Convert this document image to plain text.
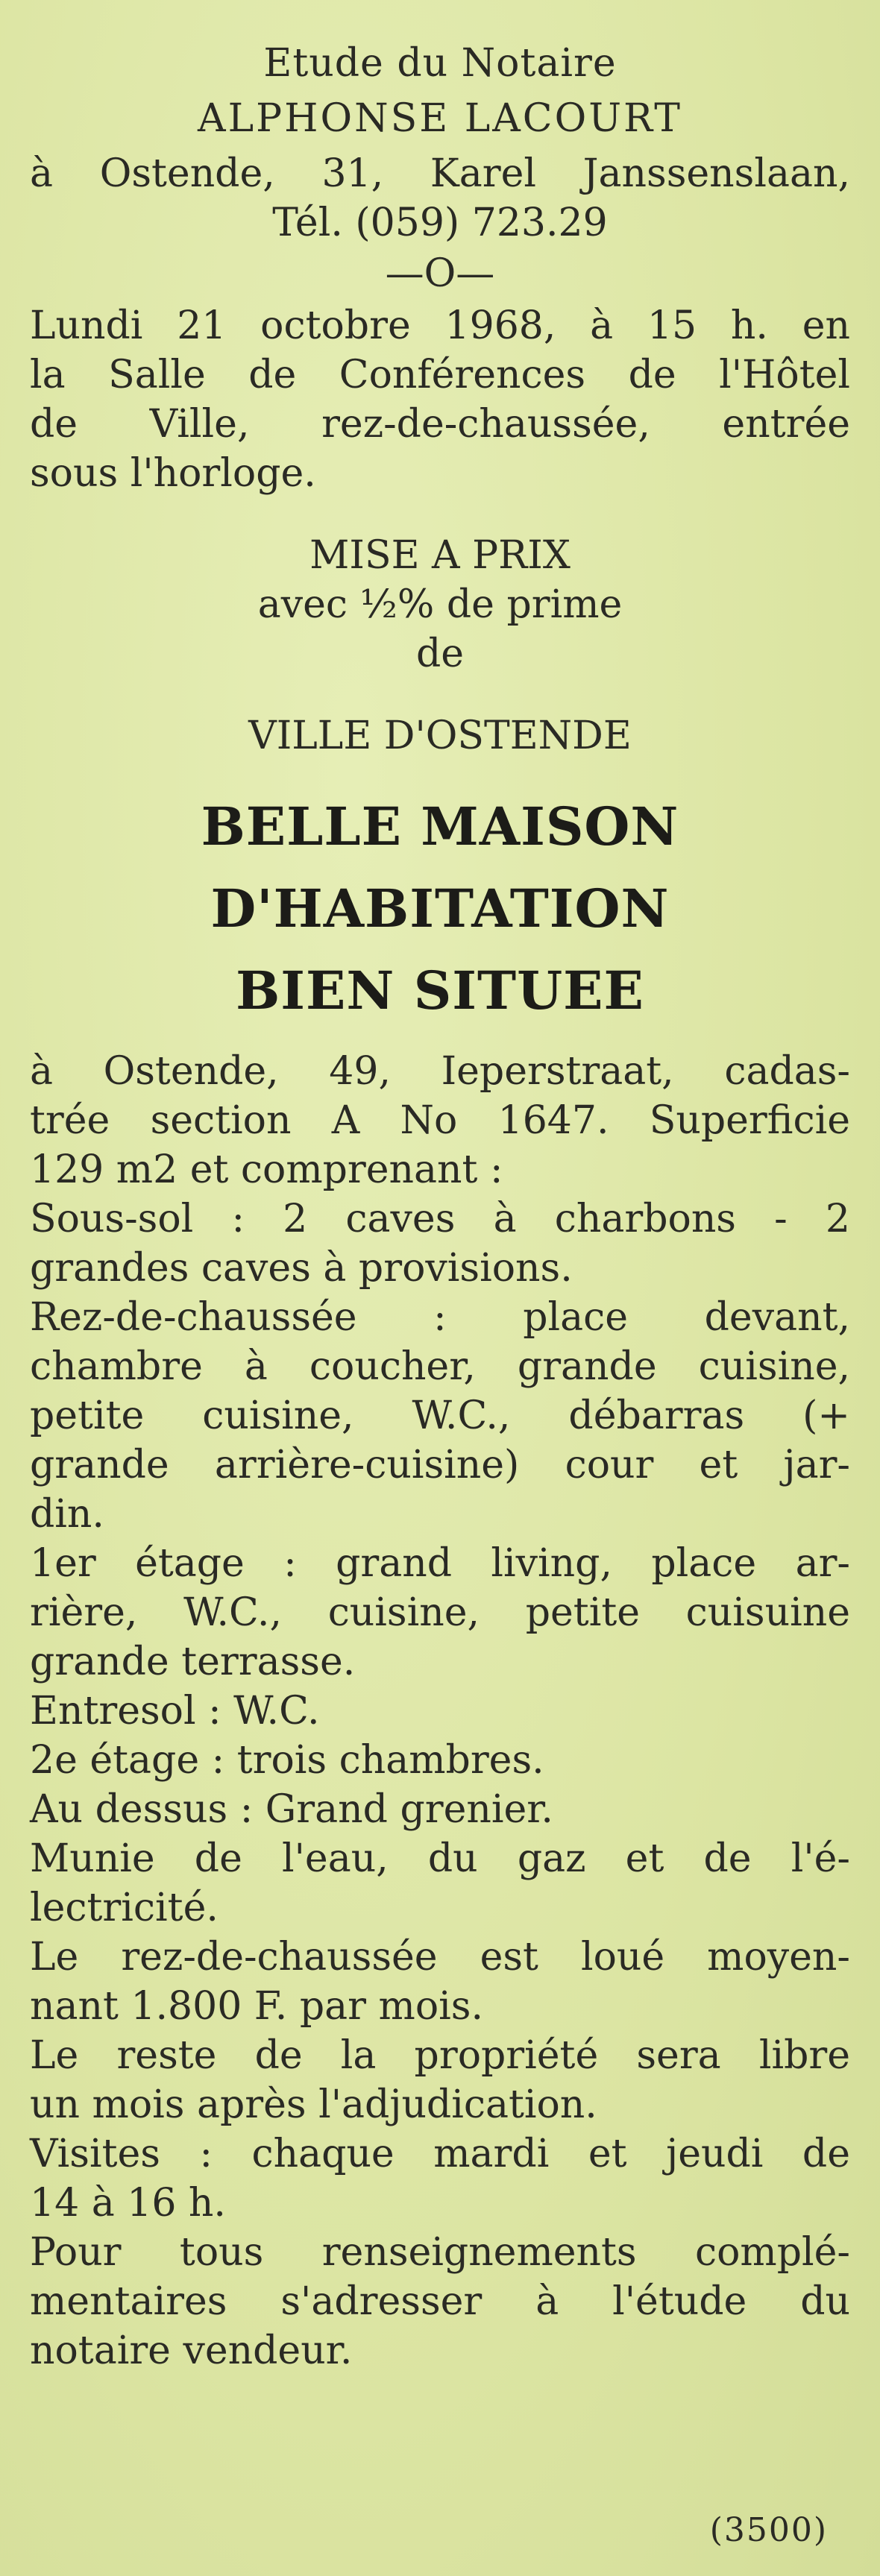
Etude du Notaire
ALPHONSE LACOURT
à Ostende, 31, Karel Janssenslaan,
Tél. (059) 723.29
—O—
Lundi 21 octobre 1968, à 15 h. en
la Salle de Conférences de l'Hôtel
de Ville, rez-de-chaussée, entrée
sous l'horloge.
MISE A PRIX
avec ½% de prime
de
VILLE D'OSTENDE
BELLE MAISON
D'HABITATION
BIEN SITUEE
à Ostende, 49, Ieperstraat, cadas-
trée section A No 1647. Superficie
129 m2 et comprenant :
Sous-sol : 2 caves à charbons - 2
grandes caves à provisions.
Rez-de-chaussée : place devant,
chambre à coucher, grande cuisine,
petite cuisine, W.C., débarras (+
grande arrière-cuisine) cour et jar-
din.
1er étage : grand living, place ar-
rière, W.C., cuisine, petite cuisuine
grande terrasse.
Entresol : W.C.
2e étage : trois chambres.
Au dessus : Grand grenier.
Munie de l'eau, du gaz et de l'é-
lectricité.
Le rez-de-chaussée est loué moyen-
nant 1.800 F. par mois.
Le reste de la propriété sera libre
un mois après l'adjudication.
Visites : chaque mardi et jeudi de
14 à 16 h.
Pour tous renseignements complé-
mentaires s'adresser à l'étude du
notaire vendeur.
(3500)
